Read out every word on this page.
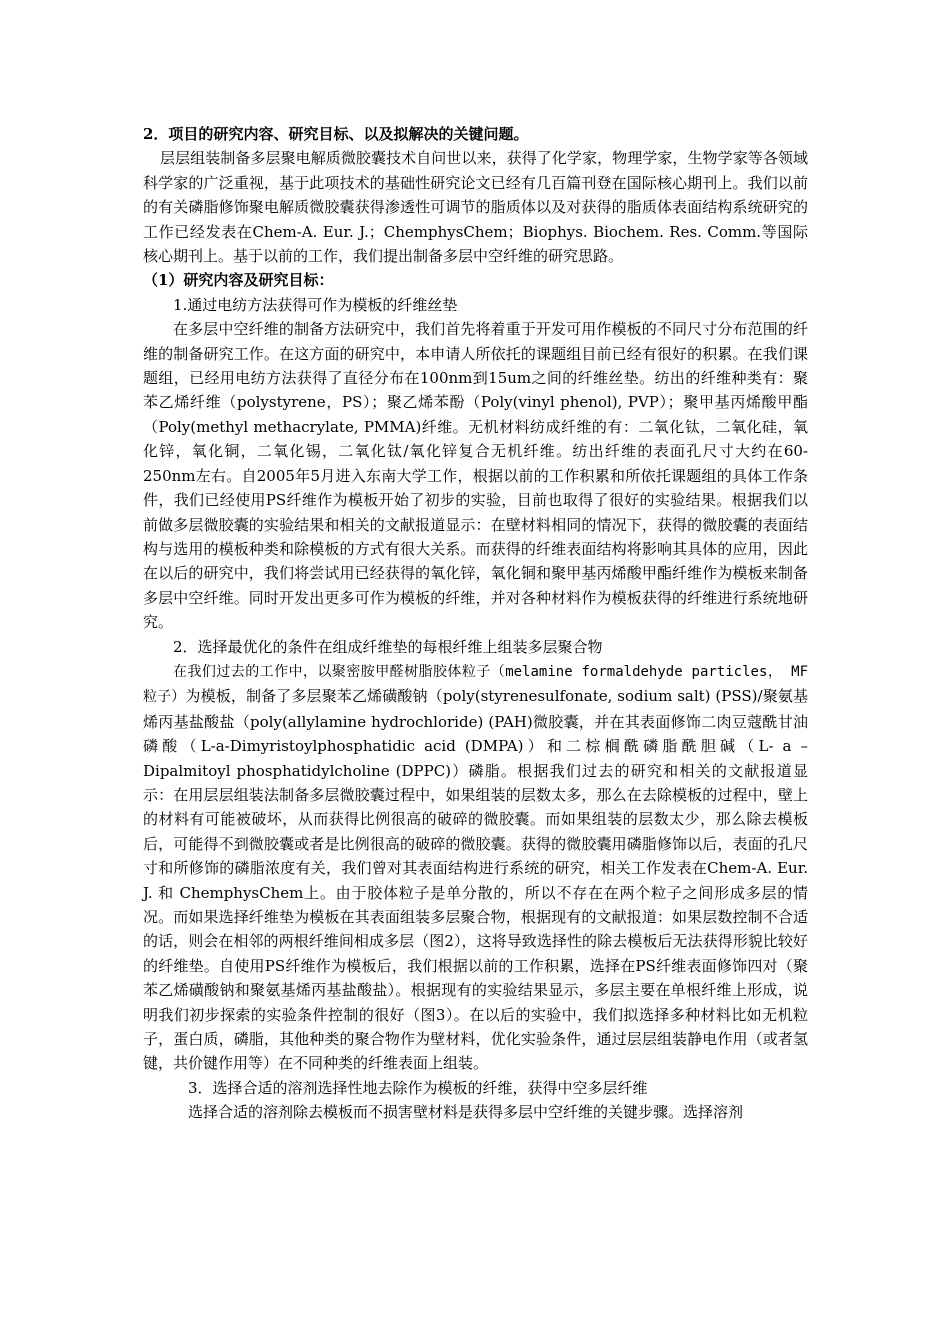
2．项目的研究内容、研究目标、以及拟解决的关键问题。

层层组装制备多层聚电解质微胶囊技术自问世以来，获得了化学家，物理学家，生物学家等各领域科学家的广泛重视，基于此项技术的基础性研究论文已经有几百篇刊登在国际核心期刊上。我们以前的有关磷脂修饰聚电解质微胶囊获得渗透性可调节的脂质体以及对获得的脂质体表面结构系统研究的工作已经发表在Chem-A. Eur. J.；ChemphysChem；Biophys. Biochem. Res. Comm.等国际核心期刊上。基于以前的工作，我们提出制备多层中空纤维的研究思路。

（1）研究内容及研究目标：

1.通过电纺方法获得可作为模板的纤维丝垫

在多层中空纤维的制备方法研究中，我们首先将着重于开发可用作模板的不同尺寸分布范围的纤维的制备研究工作。在这方面的研究中，本申请人所依托的课题组目前已经有很好的积累。在我们课题组，已经用电纺方法获得了直径分布在100nm到15um之间的纤维丝垫。纺出的纤维种类有：聚苯乙烯纤维（polystyrene，PS）；聚乙烯苯酚（Poly(vinyl phenol), PVP）；聚甲基丙烯酸甲酯（Poly(methyl methacrylate, PMMA)纤维。无机材料纺成纤维的有：二氧化钛，二氧化硅，氧化锌，氧化铜，二氧化锡，二氧化钛/氧化锌复合无机纤维。纺出纤维的表面孔尺寸大约在60-250nm左右。自2005年5月进入东南大学工作，根据以前的工作积累和所依托课题组的具体工作条件，我们已经使用PS纤维作为模板开始了初步的实验，目前也取得了很好的实验结果。根据我们以前做多层微胶囊的实验结果和相关的文献报道显示：在壁材料相同的情况下，获得的微胶囊的表面结构与选用的模板种类和除模板的方式有很大关系。而获得的纤维表面结构将影响其具体的应用，因此在以后的研究中，我们将尝试用已经获得的氧化锌，氧化铜和聚甲基丙烯酸甲酯纤维作为模板来制备多层中空纤维。同时开发出更多可作为模板的纤维，并对各种材料作为模板获得的纤维进行系统地研究。

2．选择最优化的条件在组成纤维垫的每根纤维上组装多层聚合物

在我们过去的工作中，以聚密胺甲醛树脂胶体粒子（melamine formaldehyde particles， MF 粒子）为模板，制备了多层聚苯乙烯磺酸钠（poly(styrenesulfonate, sodium salt) (PSS)/聚氨基烯丙基盐酸盐（poly(allylamine hydrochloride) (PAH)微胶囊，并在其表面修饰二肉豆蔻酰甘油磷酸（L-a-Dimyristoylphosphatidic acid (DMPA)）和二棕榈酰磷脂酰胆碱（L- a –Dipalmitoyl phosphatidylcholine (DPPC)）磷脂。根据我们过去的研究和相关的文献报道显示：在用层层组装法制备多层微胶囊过程中，如果组装的层数太多，那么在去除模板的过程中，壁上的材料有可能被破坏，从而获得比例很高的破碎的微胶囊。而如果组装的层数太少，那么除去模板后，可能得不到微胶囊或者是比例很高的破碎的微胶囊。获得的微胶囊用磷脂修饰以后，表面的孔尺寸和所修饰的磷脂浓度有关，我们曾对其表面结构进行系统的研究，相关工作发表在Chem-A. Eur. J. 和 ChemphysChem上。由于胶体粒子是单分散的，所以不存在在两个粒子之间形成多层的情况。而如果选择纤维垫为模板在其表面组装多层聚合物，根据现有的文献报道：如果层数控制不合适的话，则会在相邻的两根纤维间相成多层（图2），这将导致选择性的除去模板后无法获得形貌比较好的纤维垫。自使用PS纤维作为模板后，我们根据以前的工作积累，选择在PS纤维表面修饰四对（聚苯乙烯磺酸钠和聚氨基烯丙基盐酸盐）。根据现有的实验结果显示，多层主要在单根纤维上形成，说明我们初步探索的实验条件控制的很好（图3）。在以后的实验中，我们拟选择多种材料比如无机粒子，蛋白质，磷脂，其他种类的聚合物作为壁材料，优化实验条件，通过层层组装静电作用（或者氢键，共价键作用等）在不同种类的纤维表面上组装。

3．选择合适的溶剂选择性地去除作为模板的纤维，获得中空多层纤维

选择合适的溶剂除去模板而不损害壁材料是获得多层中空纤维的关键步骤。选择溶剂
